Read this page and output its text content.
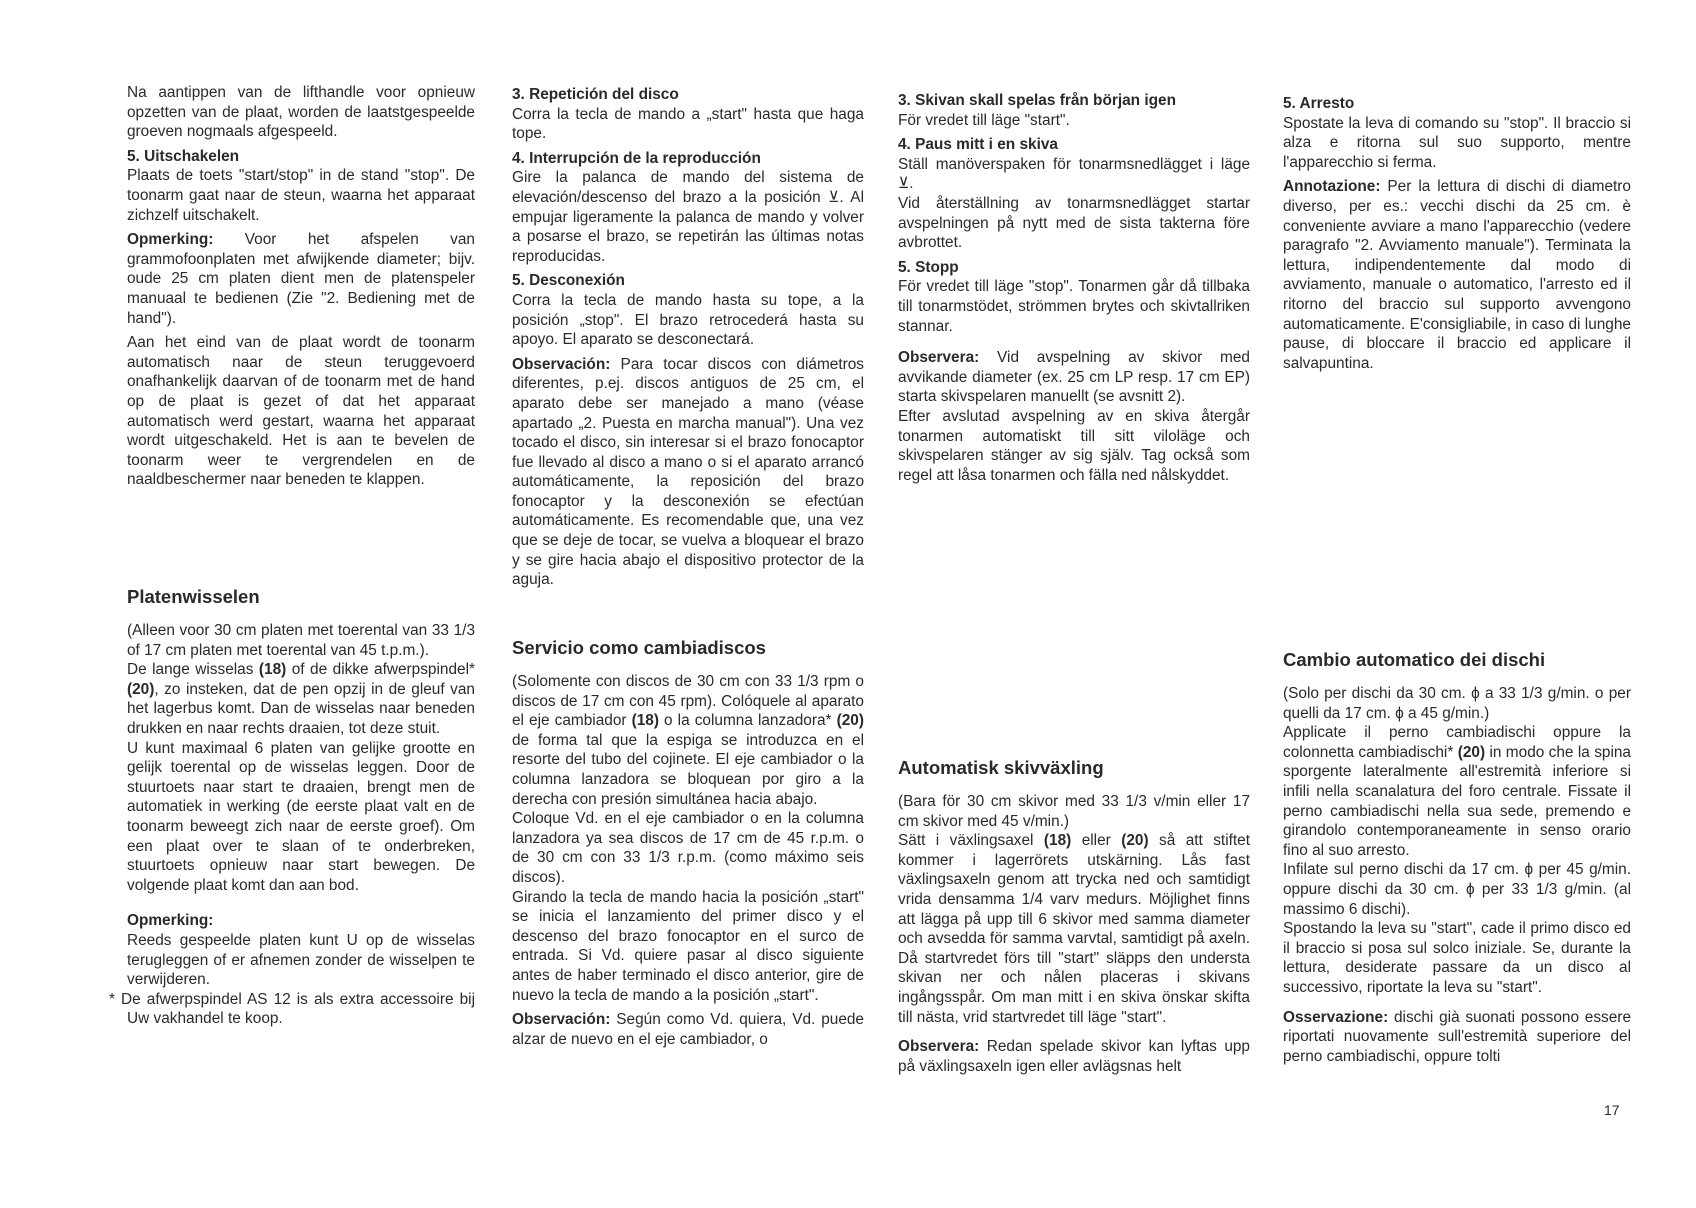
Na aantippen van de lifthandle voor opnieuw opzetten van de plaat, worden de laatstgespeelde groeven nogmaals afgespeeld.

5. Uitschakelen

Plaats de toets "start/stop" in de stand "stop". De toonarm gaat naar de steun, waarna het apparaat zichzelf uitschakelt.

Opmerking: Voor het afspelen van grammofoonplaten met afwijkende diameter; bijv. oude 25 cm platen dient men de platenspeler manuaal te bedienen (Zie "2. Bediening met de hand").

Aan het eind van de plaat wordt de toonarm automatisch naar de steun teruggevoerd onafhankelijk daarvan of de toonarm met de hand op de plaat is gezet of dat het apparaat automatisch werd gestart, waarna het apparaat wordt uitgeschakeld. Het is aan te bevelen de toonarm weer te vergrendelen en de naaldbeschermer naar beneden te klappen.

Platenwisselen

(Alleen voor 30 cm platen met toerental van 33 1/3 of 17 cm platen met toerental van 45 t.p.m.).

De lange wisselas (18) of de dikke afwerpspindel* (20), zo insteken, dat de pen opzij in de gleuf van het lagerbus komt. Dan de wisselas naar beneden drukken en naar rechts draaien, tot deze stuit.

U kunt maximaal 6 platen van gelijke grootte en gelijk toerental op de wisselas leggen. Door de stuurtoets naar start te draaien, brengt men de automatiek in werking (de eerste plaat valt en de toonarm beweegt zich naar de eerste groef). Om een plaat over te slaan of te onderbreken, stuurtoets opnieuw naar start bewegen. De volgende plaat komt dan aan bod.

Opmerking:

Reeds gespeelde platen kunt U op de wisselas terugleggen of er afnemen zonder de wisselpen te verwijderen.

* De afwerpspindel AS 12 is als extra accessoire bij Uw vakhandel te koop.

3. Repetición del disco

Corra la tecla de mando a „start" hasta que haga tope.

4. Interrupción de la reproducción

Gire la palanca de mando del sistema de elevación/descenso del brazo a la posición ⊻. Al empujar ligeramente la palanca de mando y volver a posarse el brazo, se repetirán las últimas notas reproducidas.

5. Desconexión

Corra la tecla de mando hasta su tope, a la posición „stop". El brazo retrocederá hasta su apoyo. El aparato se desconectará.

Observación: Para tocar discos con diámetros diferentes, p.ej. discos antiguos de 25 cm, el aparato debe ser manejado a mano (véase apartado „2. Puesta en marcha manual"). Una vez tocado el disco, sin interesar si el brazo fonocaptor fue llevado al disco a mano o si el aparato arrancó automáticamente, la reposición del brazo fonocaptor y la desconexión se efectúan automáticamente. Es recomendable que, una vez que se deje de tocar, se vuelva a bloquear el brazo y se gire hacia abajo el dispositivo protector de la aguja.

Servicio como cambiadiscos

(Solomente con discos de 30 cm con 33 1/3 rpm o discos de 17 cm con 45 rpm). Colóquele al aparato el eje cambiador (18) o la columna lanzadora* (20) de forma tal que la espiga se introduzca en el resorte del tubo del cojinete. El eje cambiador o la columna lanzadora se bloquean por giro a la derecha con presión simultánea hacia abajo.

Coloque Vd. en el eje cambiador o en la columna lanzadora ya sea discos de 17 cm de 45 r.p.m. o de 30 cm con 33 1/3 r.p.m. (como máximo seis discos).

Girando la tecla de mando hacia la posición „start" se inicia el lanzamiento del primer disco y el descenso del brazo fonocaptor en el surco de entrada. Si Vd. quiere pasar al disco siguiente antes de haber terminado el disco anterior, gire de nuevo la tecla de mando a la posición „start".

Observación: Según como Vd. quiera, Vd. puede alzar de nuevo en el eje cambiador, o

3. Skivan skall spelas från början igen

För vredet till läge "start".

4. Paus mitt i en skiva

Ställ manöverspaken för tonarmsnedlägget i läge ⊻.

Vid återställning av tonarmsnedlägget startar avspelningen på nytt med de sista takterna före avbrottet.

5. Stopp

För vredet till läge "stop". Tonarmen går då tillbaka till tonarmstödet, strömmen brytes och skivtallriken stannar.

Observera: Vid avspelning av skivor med avvikande diameter (ex. 25 cm LP resp. 17 cm EP) starta skivspelaren manuellt (se avsnitt 2).

Efter avslutad avspelning av en skiva återgår tonarmen automatiskt till sitt viloläge och skivspelaren stänger av sig själv. Tag också som regel att låsa tonarmen och fälla ned nålskyddet.

Automatisk skivväxling

(Bara för 30 cm skivor med 33 1/3 v/min eller 17 cm skivor med 45 v/min.)

Sätt i växlingsaxel (18) eller (20) så att stiftet kommer i lagerrörets utskärning. Lås fast växlingsaxeln genom att trycka ned och samtidigt vrida densamma 1/4 varv medurs. Möjlighet finns att lägga på upp till 6 skivor med samma diameter och avsedda för samma varvtal, samtidigt på axeln. Då startvredet förs till "start" släpps den understa skivan ner och nålen placeras i skivans ingångsspår. Om man mitt i en skiva önskar skifta till nästa, vrid startvredet till läge "start".

Observera: Redan spelade skivor kan lyftas upp på växlingsaxeln igen eller avlägsnas helt

5. Arresto

Spostate la leva di comando su "stop". Il braccio si alza e ritorna sul suo supporto, mentre l'apparecchio si ferma.

Annotazione: Per la lettura di dischi di diametro diverso, per es.: vecchi dischi da 25 cm. è conveniente avviare a mano l'apparecchio (vedere paragrafo "2. Avviamento manuale"). Terminata la lettura, indipendentemente dal modo di avviamento, manuale o automatico, l'arresto ed il ritorno del braccio sul supporto avvengono automaticamente. E'consigliabile, in caso di lunghe pause, di bloccare il braccio ed applicare il salvapuntina.

Cambio automatico dei dischi

(Solo per dischi da 30 cm. ϕ a 33 1/3 g/min. o per quelli da 17 cm. ϕ a 45 g/min.)

Applicate il perno cambiadischi oppure la colonnetta cambiadischi* (20) in modo che la spina sporgente lateralmente all'estremità inferiore si infili nella scanalatura del foro centrale. Fissate il perno cambiadischi nella sua sede, premendo e girandolo contemporaneamente in senso orario fino al suo arresto.

Infilate sul perno dischi da 17 cm. ϕ per 45 g/min. oppure dischi da 30 cm. ϕ per 33 1/3 g/min. (al massimo 6 dischi).

Spostando la leva su "start", cade il primo disco ed il braccio si posa sul solco iniziale. Se, durante la lettura, desiderate passare da un disco al successivo, riportate la leva su "start".

Osservazione: dischi già suonati possono essere riportati nuovamente sull'estremità superiore del perno cambiadischi, oppure tolti

17
